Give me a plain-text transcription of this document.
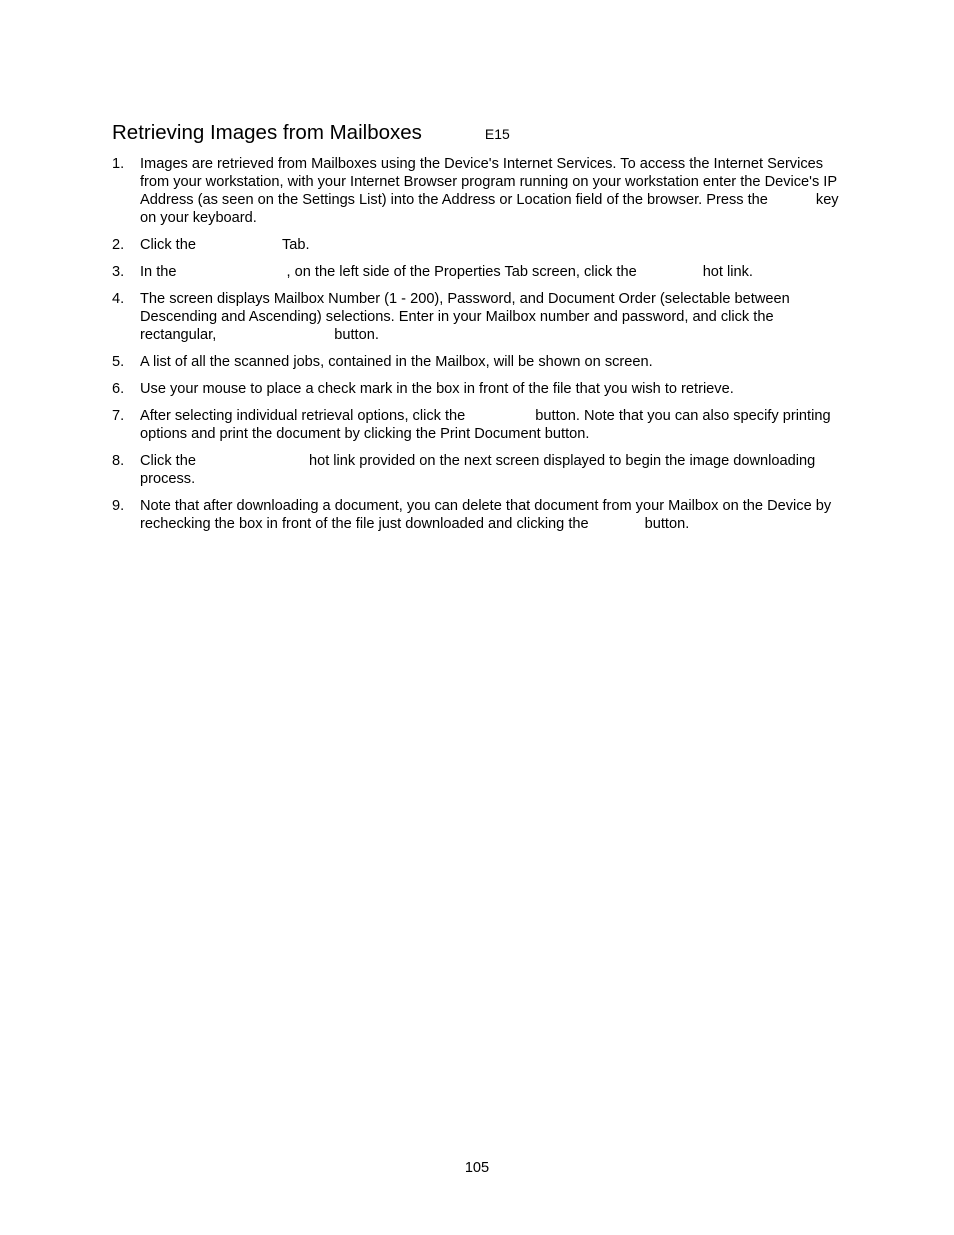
Retrieving Images from Mailboxes	E15
1.	Images are retrieved from Mailboxes using the Device's Internet Services. To access the Internet Services from your workstation, with your Internet Browser program running on your workstation enter the Device's IP Address (as seen on the Settings List) into the Address or Location field of the browser. Press the	key on your keyboard.
2.	Click the	Tab.
3.	In the	, on the left side of the Properties Tab screen, click the	hot link.
4.	The screen displays Mailbox Number (1 - 200), Password, and Document Order (selectable between Descending and Ascending) selections. Enter in your Mailbox number and password, and click the rectangular,	button.
5.	A list of all the scanned jobs, contained in the Mailbox, will be shown on screen.
6.	Use your mouse to place a check mark in the box in front of the file that you wish to retrieve.
7.	After selecting individual retrieval options, click the	button. Note that you can also specify printing options and print the document by clicking the Print Document button.
8.	Click the	hot link provided on the next screen displayed to begin the image downloading process.
9.	Note that after downloading a document, you can delete that document from your Mailbox on the Device by rechecking the box in front of the file just downloaded and clicking the	button.
105
